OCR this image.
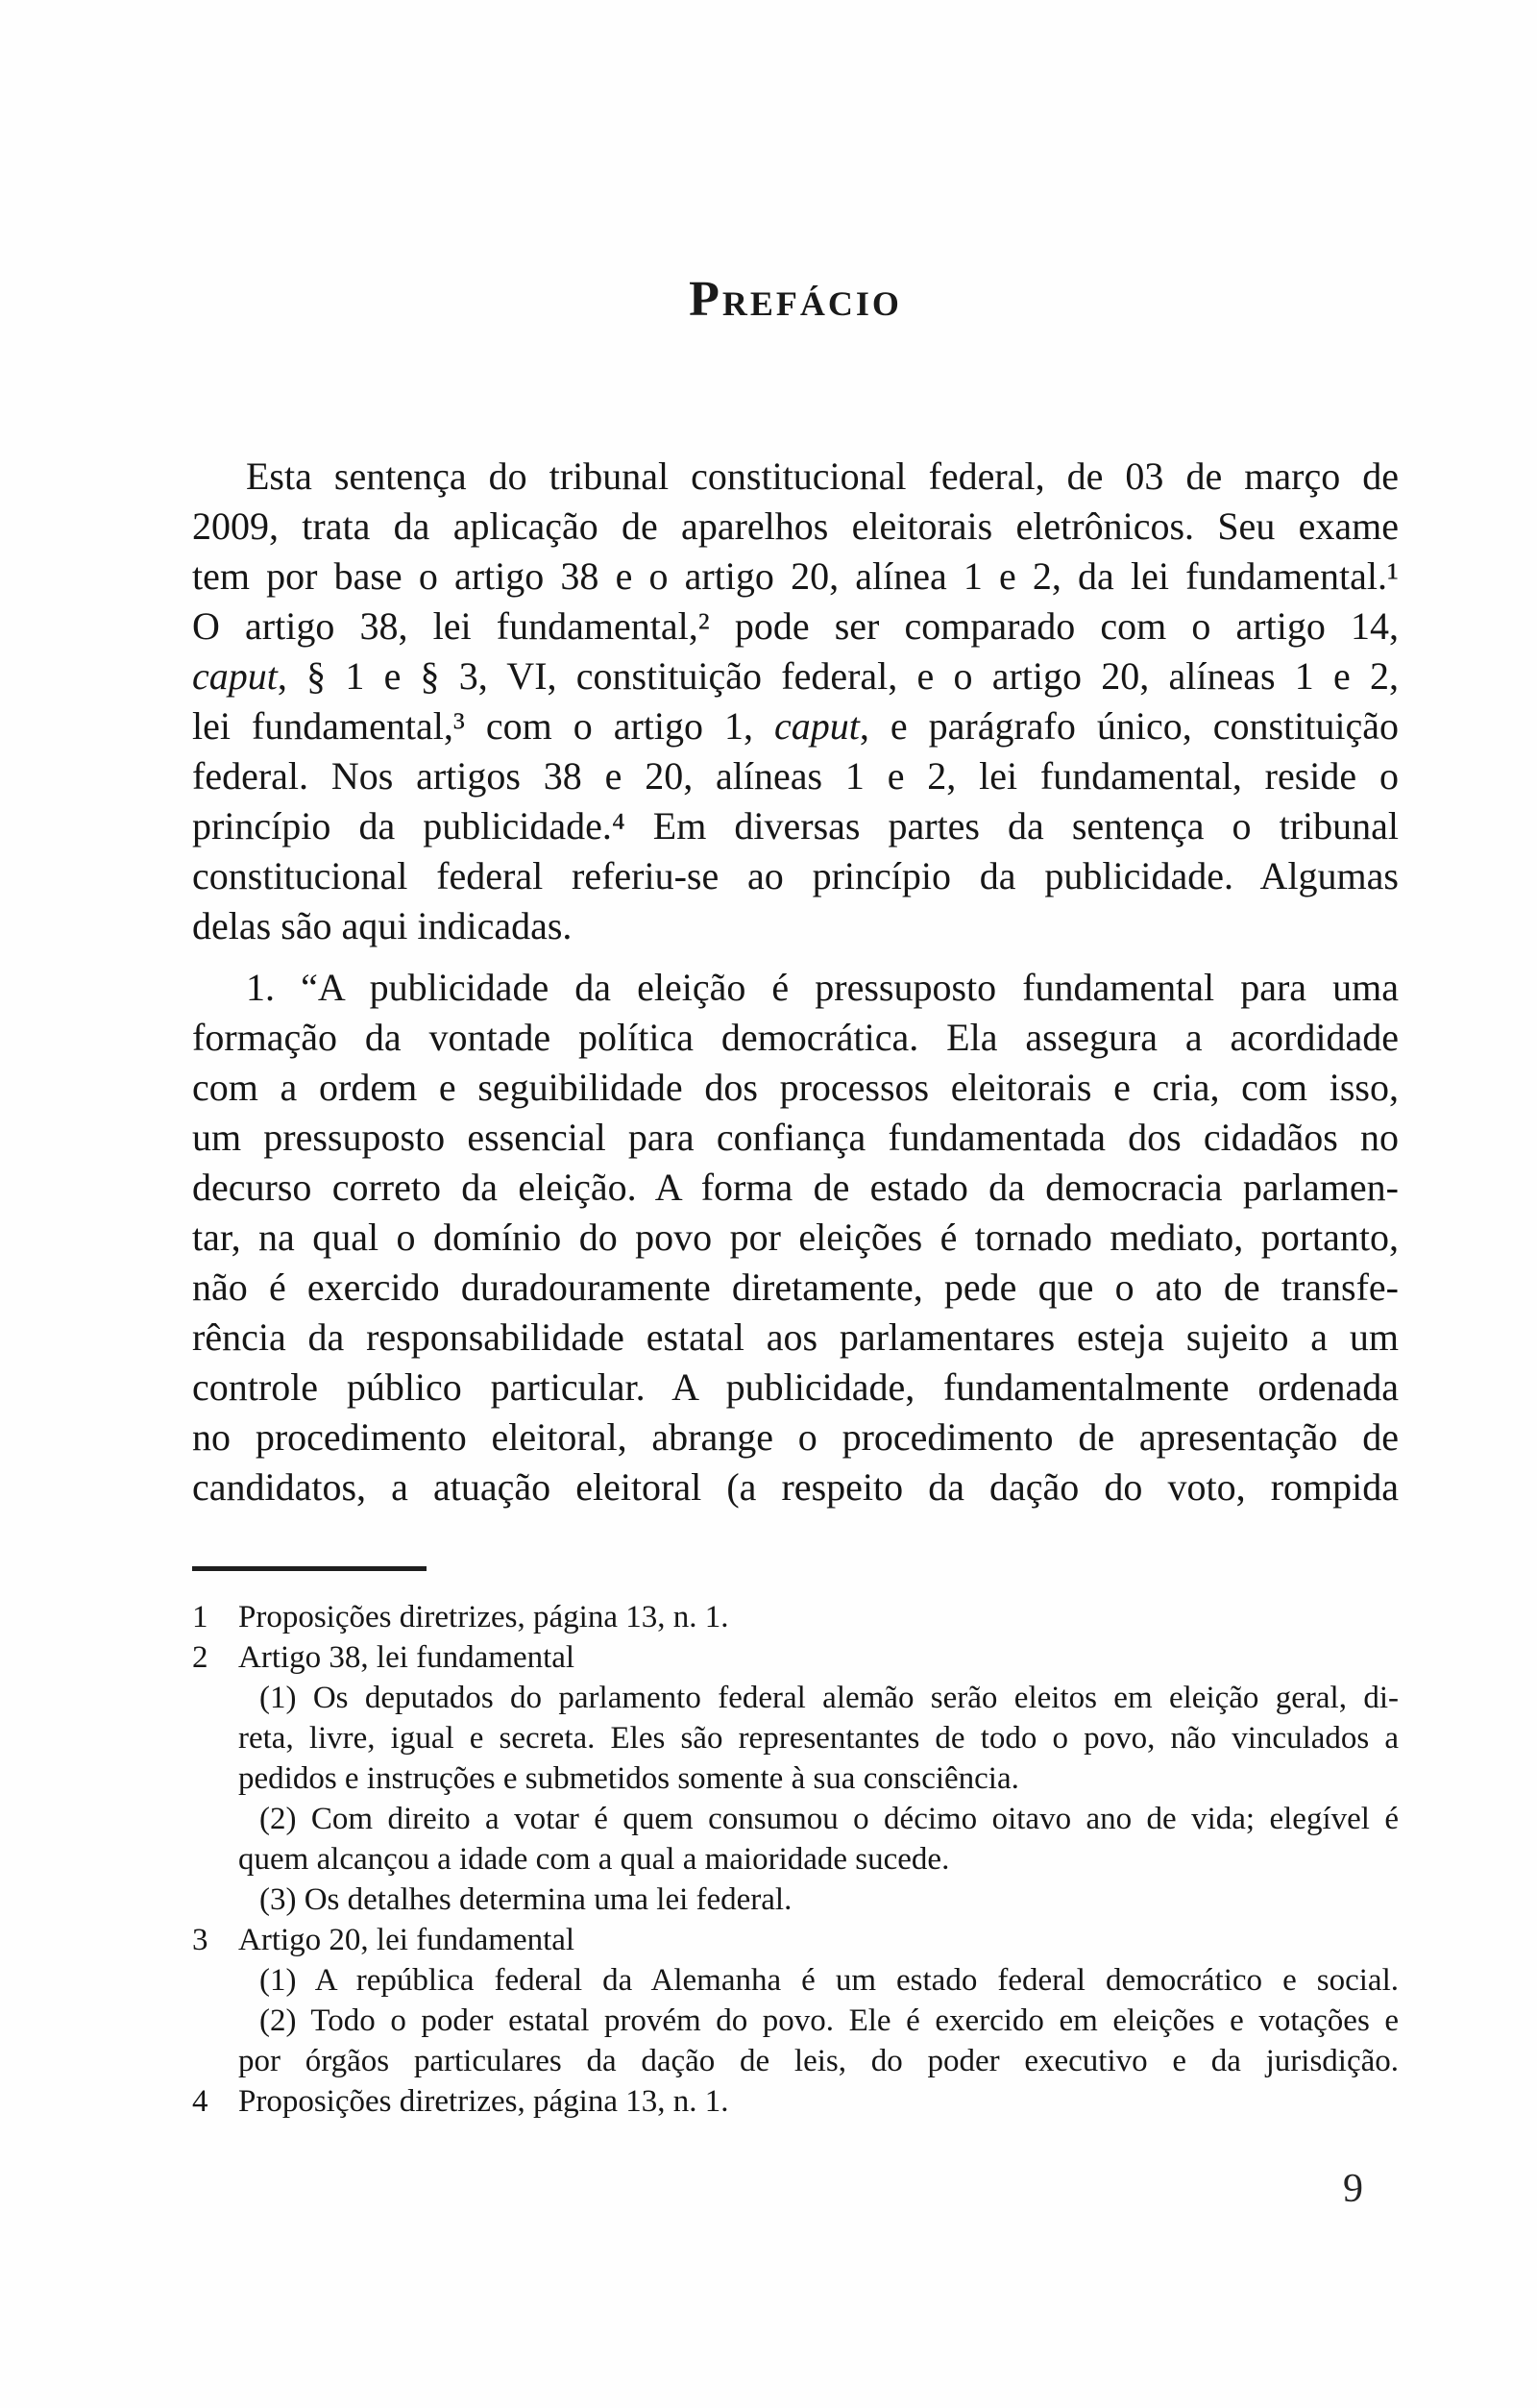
Prefácio
Esta sentença do tribunal constitucional federal, de 03 de março de
2009, trata da aplicação de aparelhos eleitorais eletrônicos. Seu exame
tem por base o artigo 38 e o artigo 20, alínea 1 e 2, da lei fundamental.¹
O artigo 38, lei fundamental,² pode ser comparado com o artigo 14,
caput, § 1 e § 3, VI, constituição federal, e o artigo 20, alíneas 1 e 2,
lei fundamental,³ com o artigo 1, caput, e parágrafo único, constituição
federal. Nos artigos 38 e 20, alíneas 1 e 2, lei fundamental, reside o
princípio da publicidade.⁴ Em diversas partes da sentença o tribunal
constitucional federal referiu-se ao princípio da publicidade. Algumas
delas são aqui indicadas.
1. “A publicidade da eleição é pressuposto fundamental para uma
formação da vontade política democrática. Ela assegura a acordidade
com a ordem e seguibilidade dos processos eleitorais e cria, com isso,
um pressuposto essencial para confiança fundamentada dos cidadãos no
decurso correto da eleição. A forma de estado da democracia parlamen-
tar, na qual o domínio do povo por eleições é tornado mediato, portanto,
não é exercido duradouramente diretamente, pede que o ato de transfe-
rência da responsabilidade estatal aos parlamentares esteja sujeito a um
controle público particular. A publicidade, fundamentalmente ordenada
no procedimento eleitoral, abrange o procedimento de apresentação de
candidatos, a atuação eleitoral (a respeito da dação do voto, rompida
1 Proposições diretrizes, página 13, n. 1.
2 Artigo 38, lei fundamental
(1) Os deputados do parlamento federal alemão serão eleitos em eleição geral, di-
reta, livre, igual e secreta. Eles são representantes de todo o povo, não vinculados a
pedidos e instruções e submetidos somente à sua consciência.
(2) Com direito a votar é quem consumou o décimo oitavo ano de vida; elegível é
quem alcançou a idade com a qual a maioridade sucede.
(3) Os detalhes determina uma lei federal.
3 Artigo 20, lei fundamental
(1) A república federal da Alemanha é um estado federal democrático e social.
(2) Todo o poder estatal provém do povo. Ele é exercido em eleições e votações e
por órgãos particulares da dação de leis, do poder executivo e da jurisdição.
4 Proposições diretrizes, página 13, n. 1.
9
